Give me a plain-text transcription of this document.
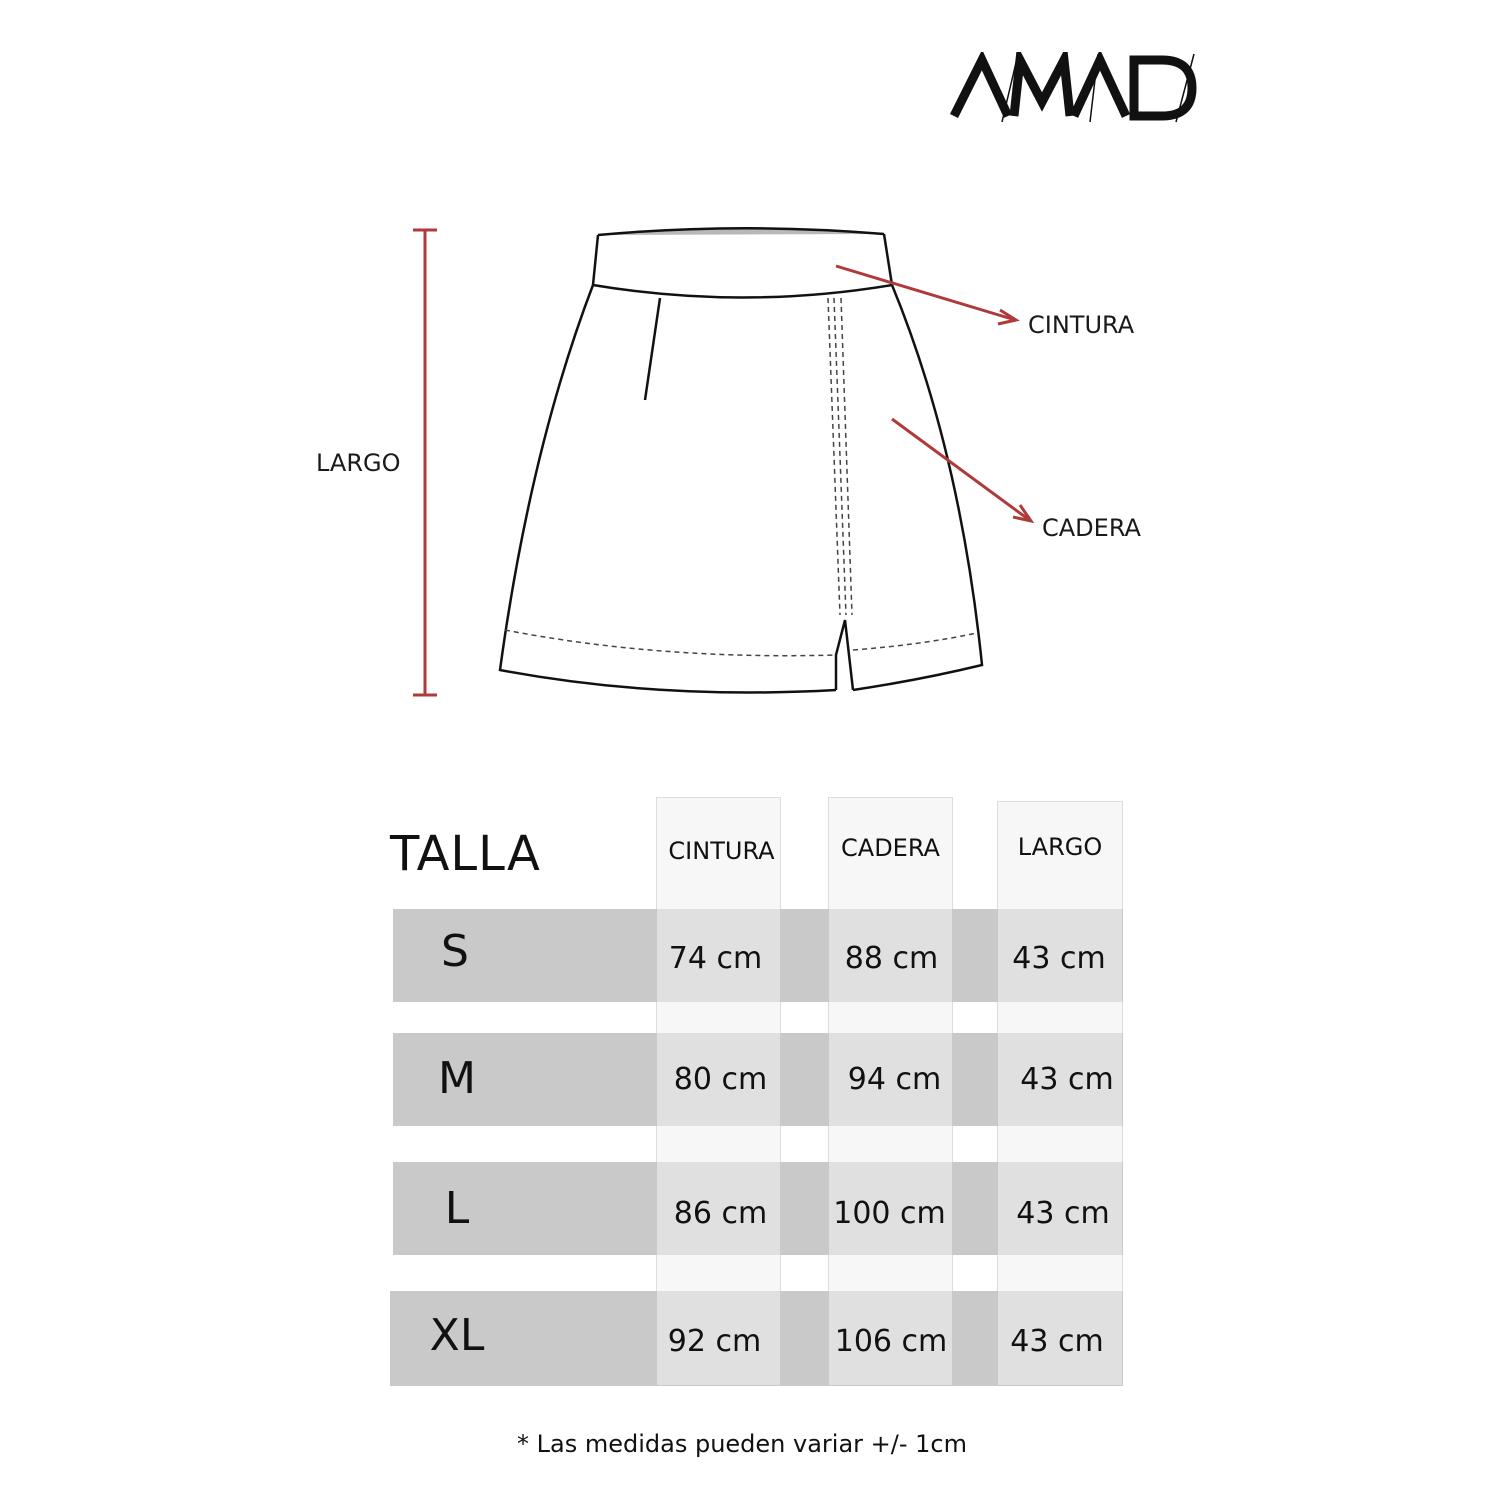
CINTURA
CADERA
LARGO
TALLA	CINTURA	CADERA	LARGO
S	74 cm	88 cm	43 cm
M	80 cm	94 cm	43 cm
L	86 cm	100 cm	43 cm
XL	92 cm	106 cm	43 cm
* Las medidas pueden variar +/- 1cm
